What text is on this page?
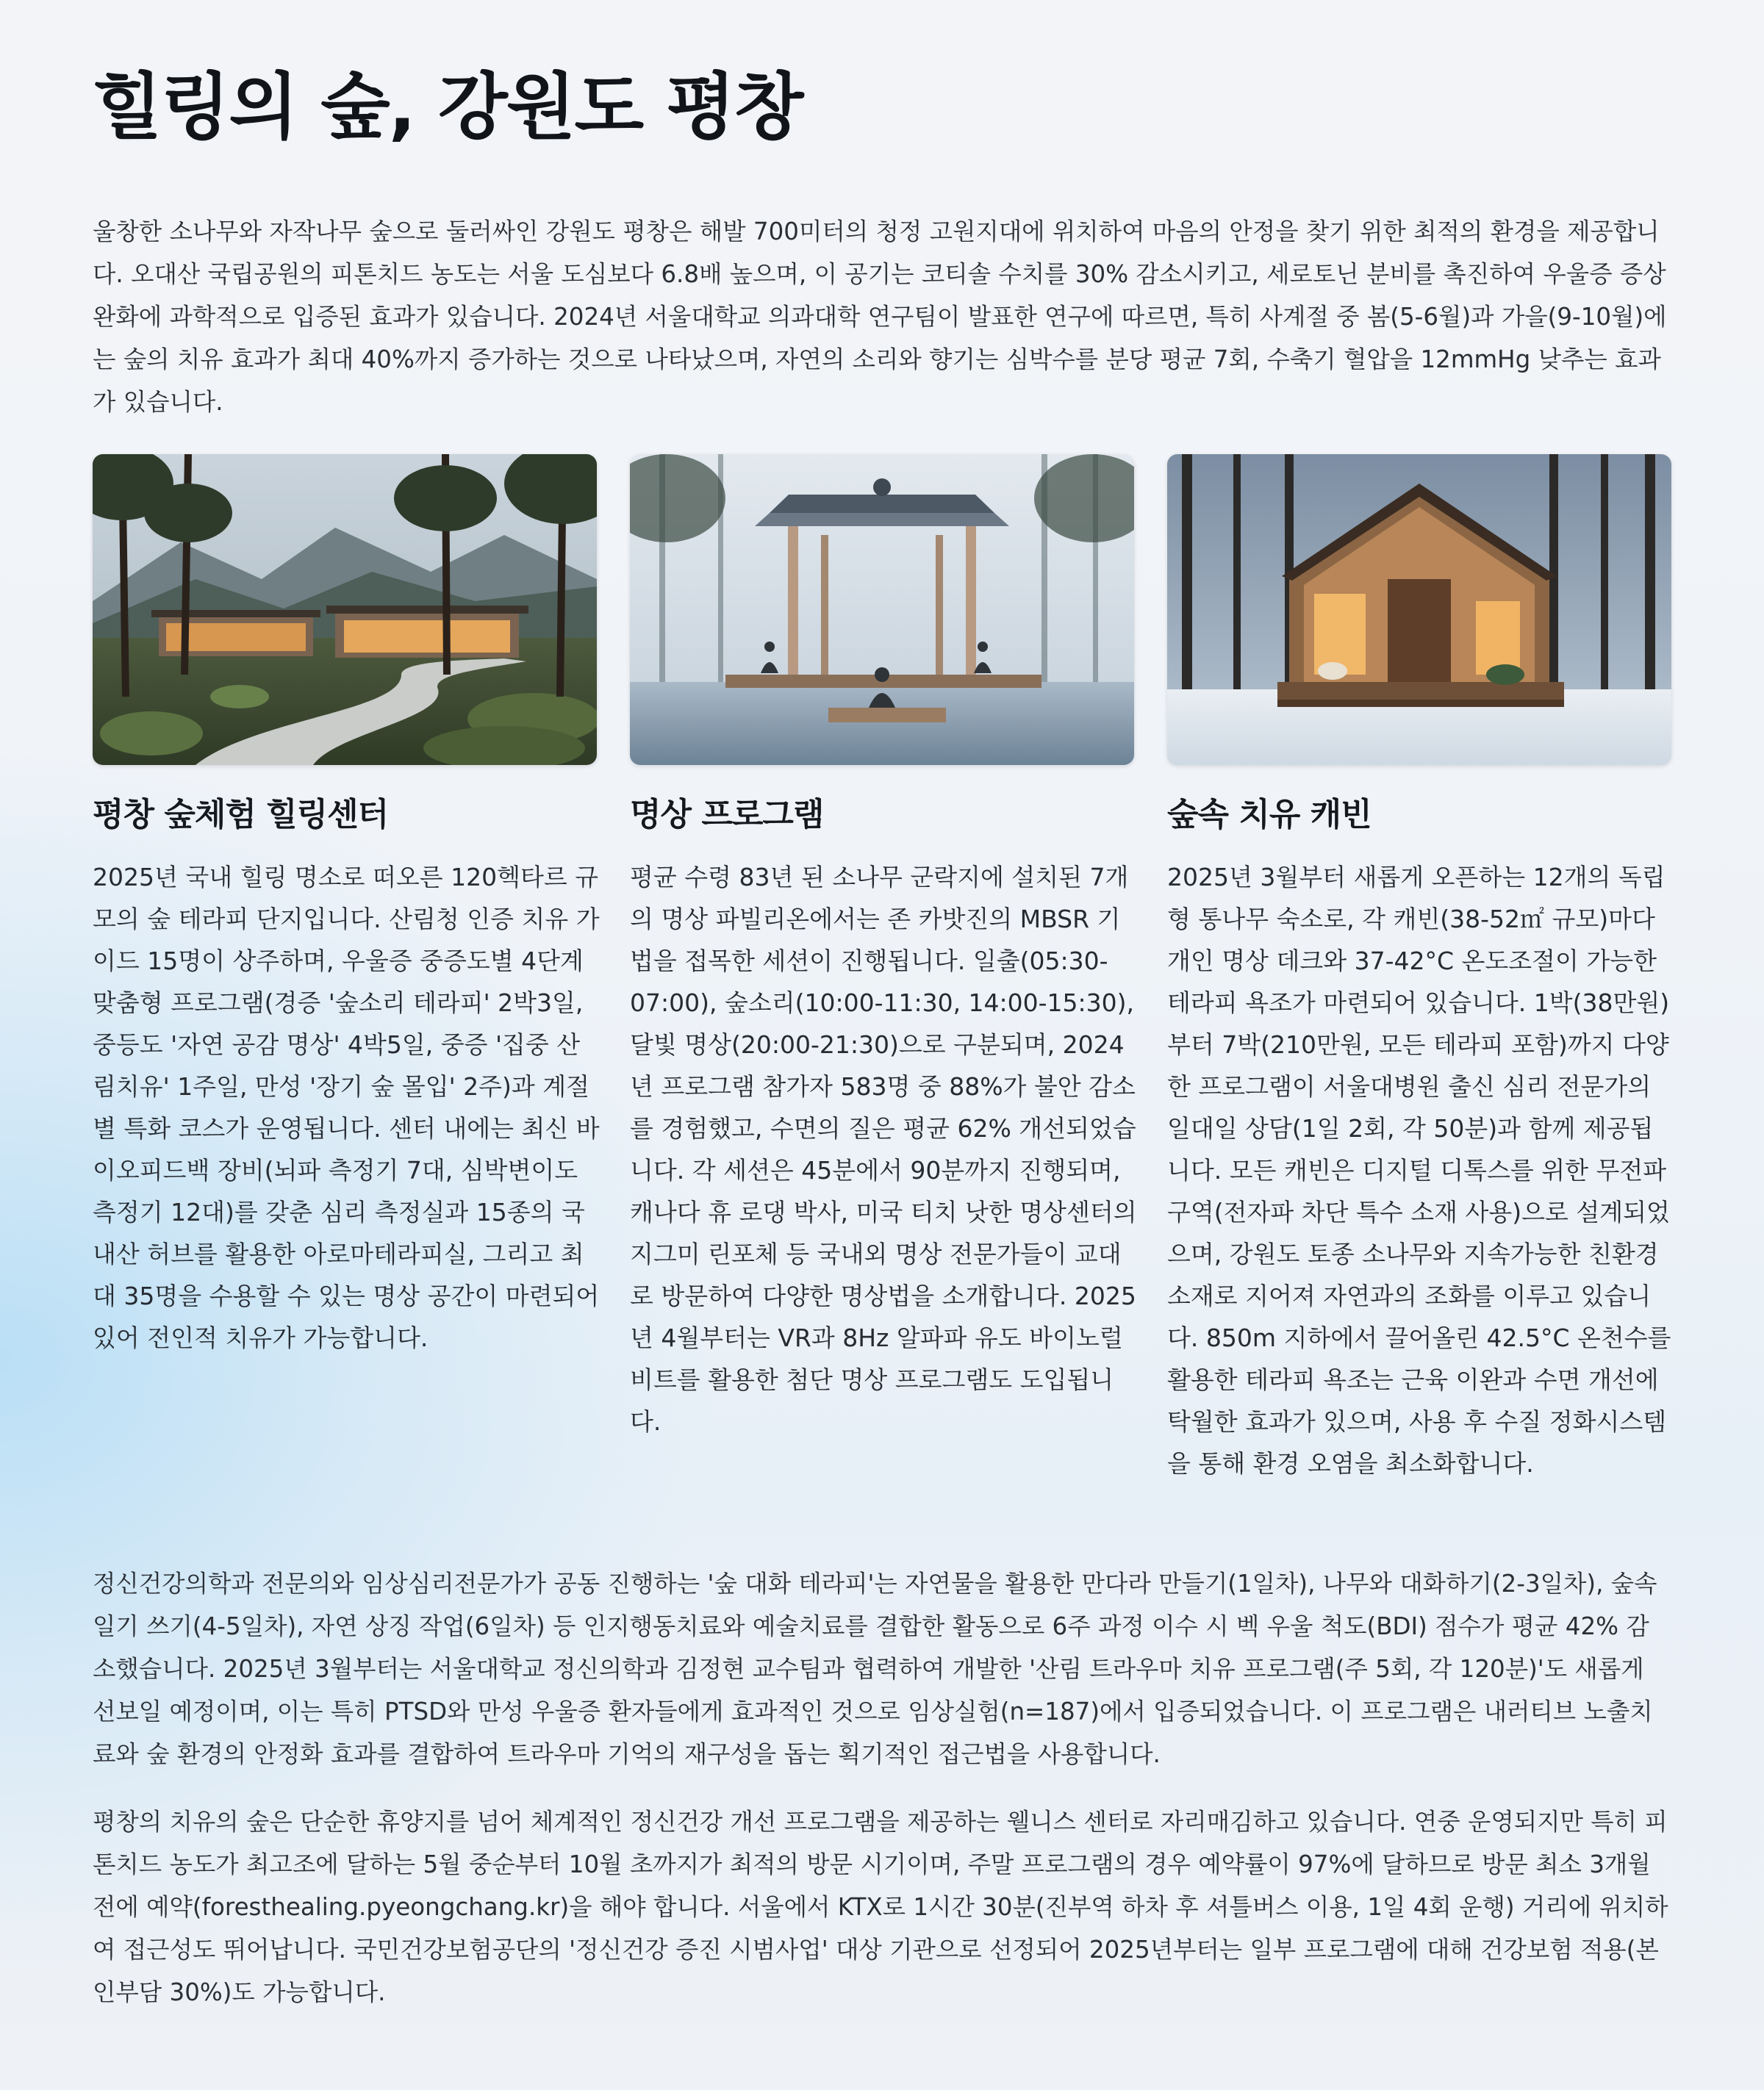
힐링의 숲, 강원도 평창

울창한 소나무와 자작나무 숲으로 둘러싸인 강원도 평창은 해발 700미터의 청정 고원지대에 위치하여 마음의 안정을 찾기 위한 최적의 환경을 제공합니다. 오대산 국립공원의 피톤치드 농도는 서울 도심보다 6.8배 높으며, 이 공기는 코티솔 수치를 30% 감소시키고, 세로토닌 분비를 촉진하여 우울증 증상 완화에 과학적으로 입증된 효과가 있습니다. 2024년 서울대학교 의과대학 연구팀이 발표한 연구에 따르면, 특히 사계절 중 봄(5-6월)과 가을(9-10월)에는 숲의 치유 효과가 최대 40%까지 증가하는 것으로 나타났으며, 자연의 소리와 향기는 심박수를 분당 평균 7회, 수축기 혈압을 12mmHg 낮추는 효과가 있습니다.

평창 숲체험 힐링센터

2025년 국내 힐링 명소로 떠오른 120헥타르 규모의 숲 테라피 단지입니다. 산림청 인증 치유 가이드 15명이 상주하며, 우울증 중증도별 4단계 맞춤형 프로그램(경증 '숲소리 테라피' 2박3일, 중등도 '자연 공감 명상' 4박5일, 중증 '집중 산림치유' 1주일, 만성 '장기 숲 몰입' 2주)과 계절별 특화 코스가 운영됩니다. 센터 내에는 최신 바이오피드백 장비(뇌파 측정기 7대, 심박변이도 측정기 12대)를 갖춘 심리 측정실과 15종의 국내산 허브를 활용한 아로마테라피실, 그리고 최대 35명을 수용할 수 있는 명상 공간이 마련되어 있어 전인적 치유가 가능합니다.

명상 프로그램

평균 수령 83년 된 소나무 군락지에 설치된 7개의 명상 파빌리온에서는 존 카밧진의 MBSR 기법을 접목한 세션이 진행됩니다. 일출(05:30-07:00), 숲소리(10:00-11:30, 14:00-15:30), 달빛 명상(20:00-21:30)으로 구분되며, 2024년 프로그램 참가자 583명 중 88%가 불안 감소를 경험했고, 수면의 질은 평균 62% 개선되었습니다. 각 세션은 45분에서 90분까지 진행되며, 캐나다 휴 로댕 박사, 미국 티치 낫한 명상센터의 지그미 린포체 등 국내외 명상 전문가들이 교대로 방문하여 다양한 명상법을 소개합니다. 2025년 4월부터는 VR과 8Hz 알파파 유도 바이노럴 비트를 활용한 첨단 명상 프로그램도 도입됩니다.

숲속 치유 캐빈

2025년 3월부터 새롭게 오픈하는 12개의 독립형 통나무 숙소로, 각 캐빈(38-52㎡ 규모)마다 개인 명상 데크와 37-42°C 온도조절이 가능한 테라피 욕조가 마련되어 있습니다. 1박(38만원)부터 7박(210만원, 모든 테라피 포함)까지 다양한 프로그램이 서울대병원 출신 심리 전문가의 일대일 상담(1일 2회, 각 50분)과 함께 제공됩니다. 모든 캐빈은 디지털 디톡스를 위한 무전파 구역(전자파 차단 특수 소재 사용)으로 설계되었으며, 강원도 토종 소나무와 지속가능한 친환경 소재로 지어져 자연과의 조화를 이루고 있습니다. 850m 지하에서 끌어올린 42.5°C 온천수를 활용한 테라피 욕조는 근육 이완과 수면 개선에 탁월한 효과가 있으며, 사용 후 수질 정화시스템을 통해 환경 오염을 최소화합니다.

정신건강의학과 전문의와 임상심리전문가가 공동 진행하는 '숲 대화 테라피'는 자연물을 활용한 만다라 만들기(1일차), 나무와 대화하기(2-3일차), 숲속 일기 쓰기(4-5일차), 자연 상징 작업(6일차) 등 인지행동치료와 예술치료를 결합한 활동으로 6주 과정 이수 시 벡 우울 척도(BDI) 점수가 평균 42% 감소했습니다. 2025년 3월부터는 서울대학교 정신의학과 김정현 교수팀과 협력하여 개발한 '산림 트라우마 치유 프로그램(주 5회, 각 120분)'도 새롭게 선보일 예정이며, 이는 특히 PTSD와 만성 우울증 환자들에게 효과적인 것으로 임상실험(n=187)에서 입증되었습니다. 이 프로그램은 내러티브 노출치료와 숲 환경의 안정화 효과를 결합하여 트라우마 기억의 재구성을 돕는 획기적인 접근법을 사용합니다.

평창의 치유의 숲은 단순한 휴양지를 넘어 체계적인 정신건강 개선 프로그램을 제공하는 웰니스 센터로 자리매김하고 있습니다. 연중 운영되지만 특히 피톤치드 농도가 최고조에 달하는 5월 중순부터 10월 초까지가 최적의 방문 시기이며, 주말 프로그램의 경우 예약률이 97%에 달하므로 방문 최소 3개월 전에 예약(foresthealing.pyeongchang.kr)을 해야 합니다. 서울에서 KTX로 1시간 30분(진부역 하차 후 셔틀버스 이용, 1일 4회 운행) 거리에 위치하여 접근성도 뛰어납니다. 국민건강보험공단의 '정신건강 증진 시범사업' 대상 기관으로 선정되어 2025년부터는 일부 프로그램에 대해 건강보험 적용(본인부담 30%)도 가능합니다.
